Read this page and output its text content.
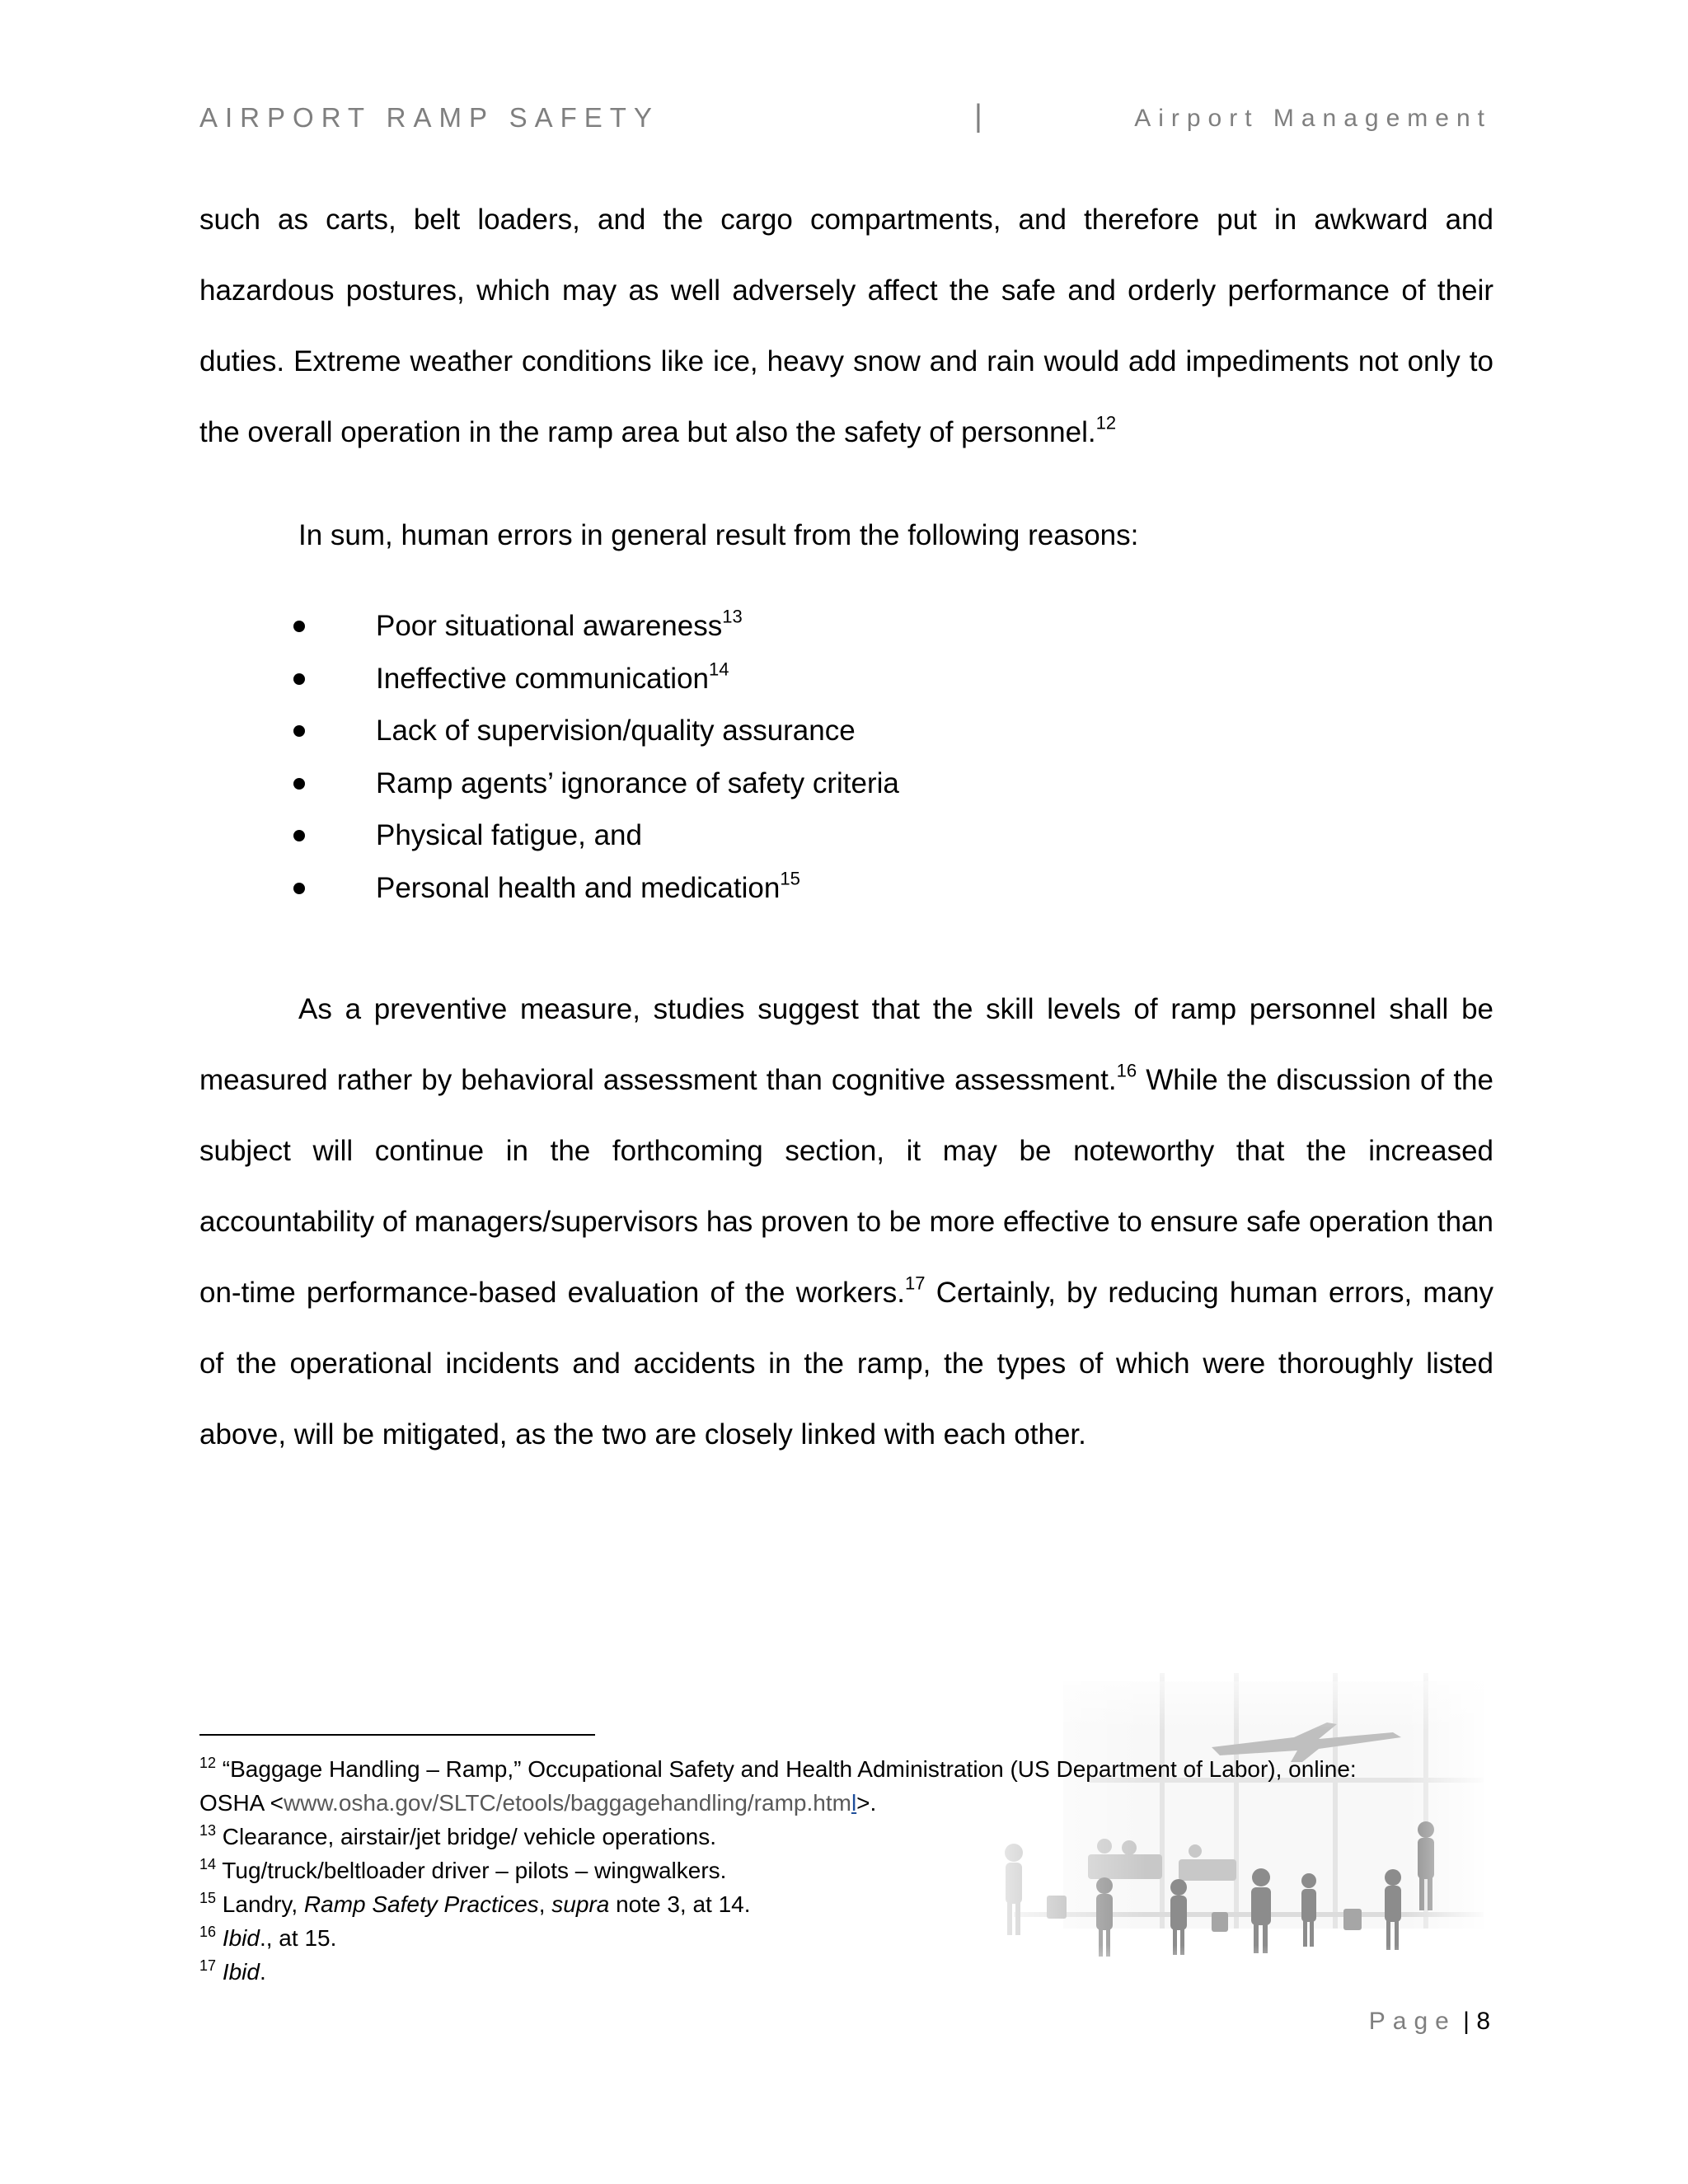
AIRPORT RAMP SAFETY	|	Airport Management
such as carts, belt loaders, and the cargo compartments, and therefore put in awkward and hazardous postures, which may as well adversely affect the safe and orderly performance of their duties. Extreme weather conditions like ice, heavy snow and rain would add impediments not only to the overall operation in the ramp area but also the safety of personnel.$^{12}$
In sum, human errors in general result from the following reasons:
Poor situational awareness$^{13}$
Ineffective communication$^{14}$
Lack of supervision/quality assurance
Ramp agents’ ignorance of safety criteria
Physical fatigue, and
Personal health and medication$^{15}$
As a preventive measure, studies suggest that the skill levels of ramp personnel shall be measured rather by behavioral assessment than cognitive assessment.$^{16}$ While the discussion of the subject will continue in the forthcoming section, it may be noteworthy that the increased accountability of managers/supervisors has proven to be more effective to ensure safe operation than on-time performance-based evaluation of the workers.$^{17}$ Certainly, by reducing human errors, many of the operational incidents and accidents in the ramp, the types of which were thoroughly listed above, will be mitigated, as the two are closely linked with each other.
$^{12}$ “Baggage Handling – Ramp,” Occupational Safety and Health Administration (US Department of Labor), online:
OSHA <www.osha.gov/SLTC/etools/baggagehandling/ramp.html>.
$^{13}$ Clearance, airstair/jet bridge/ vehicle operations.
$^{14}$ Tug/truck/beltloader driver – pilots – wingwalkers.
$^{15}$ Landry, Ramp Safety Practices, supra note 3, at 14.
$^{16}$ Ibid., at 15.
$^{17}$ Ibid.
Page | 8
